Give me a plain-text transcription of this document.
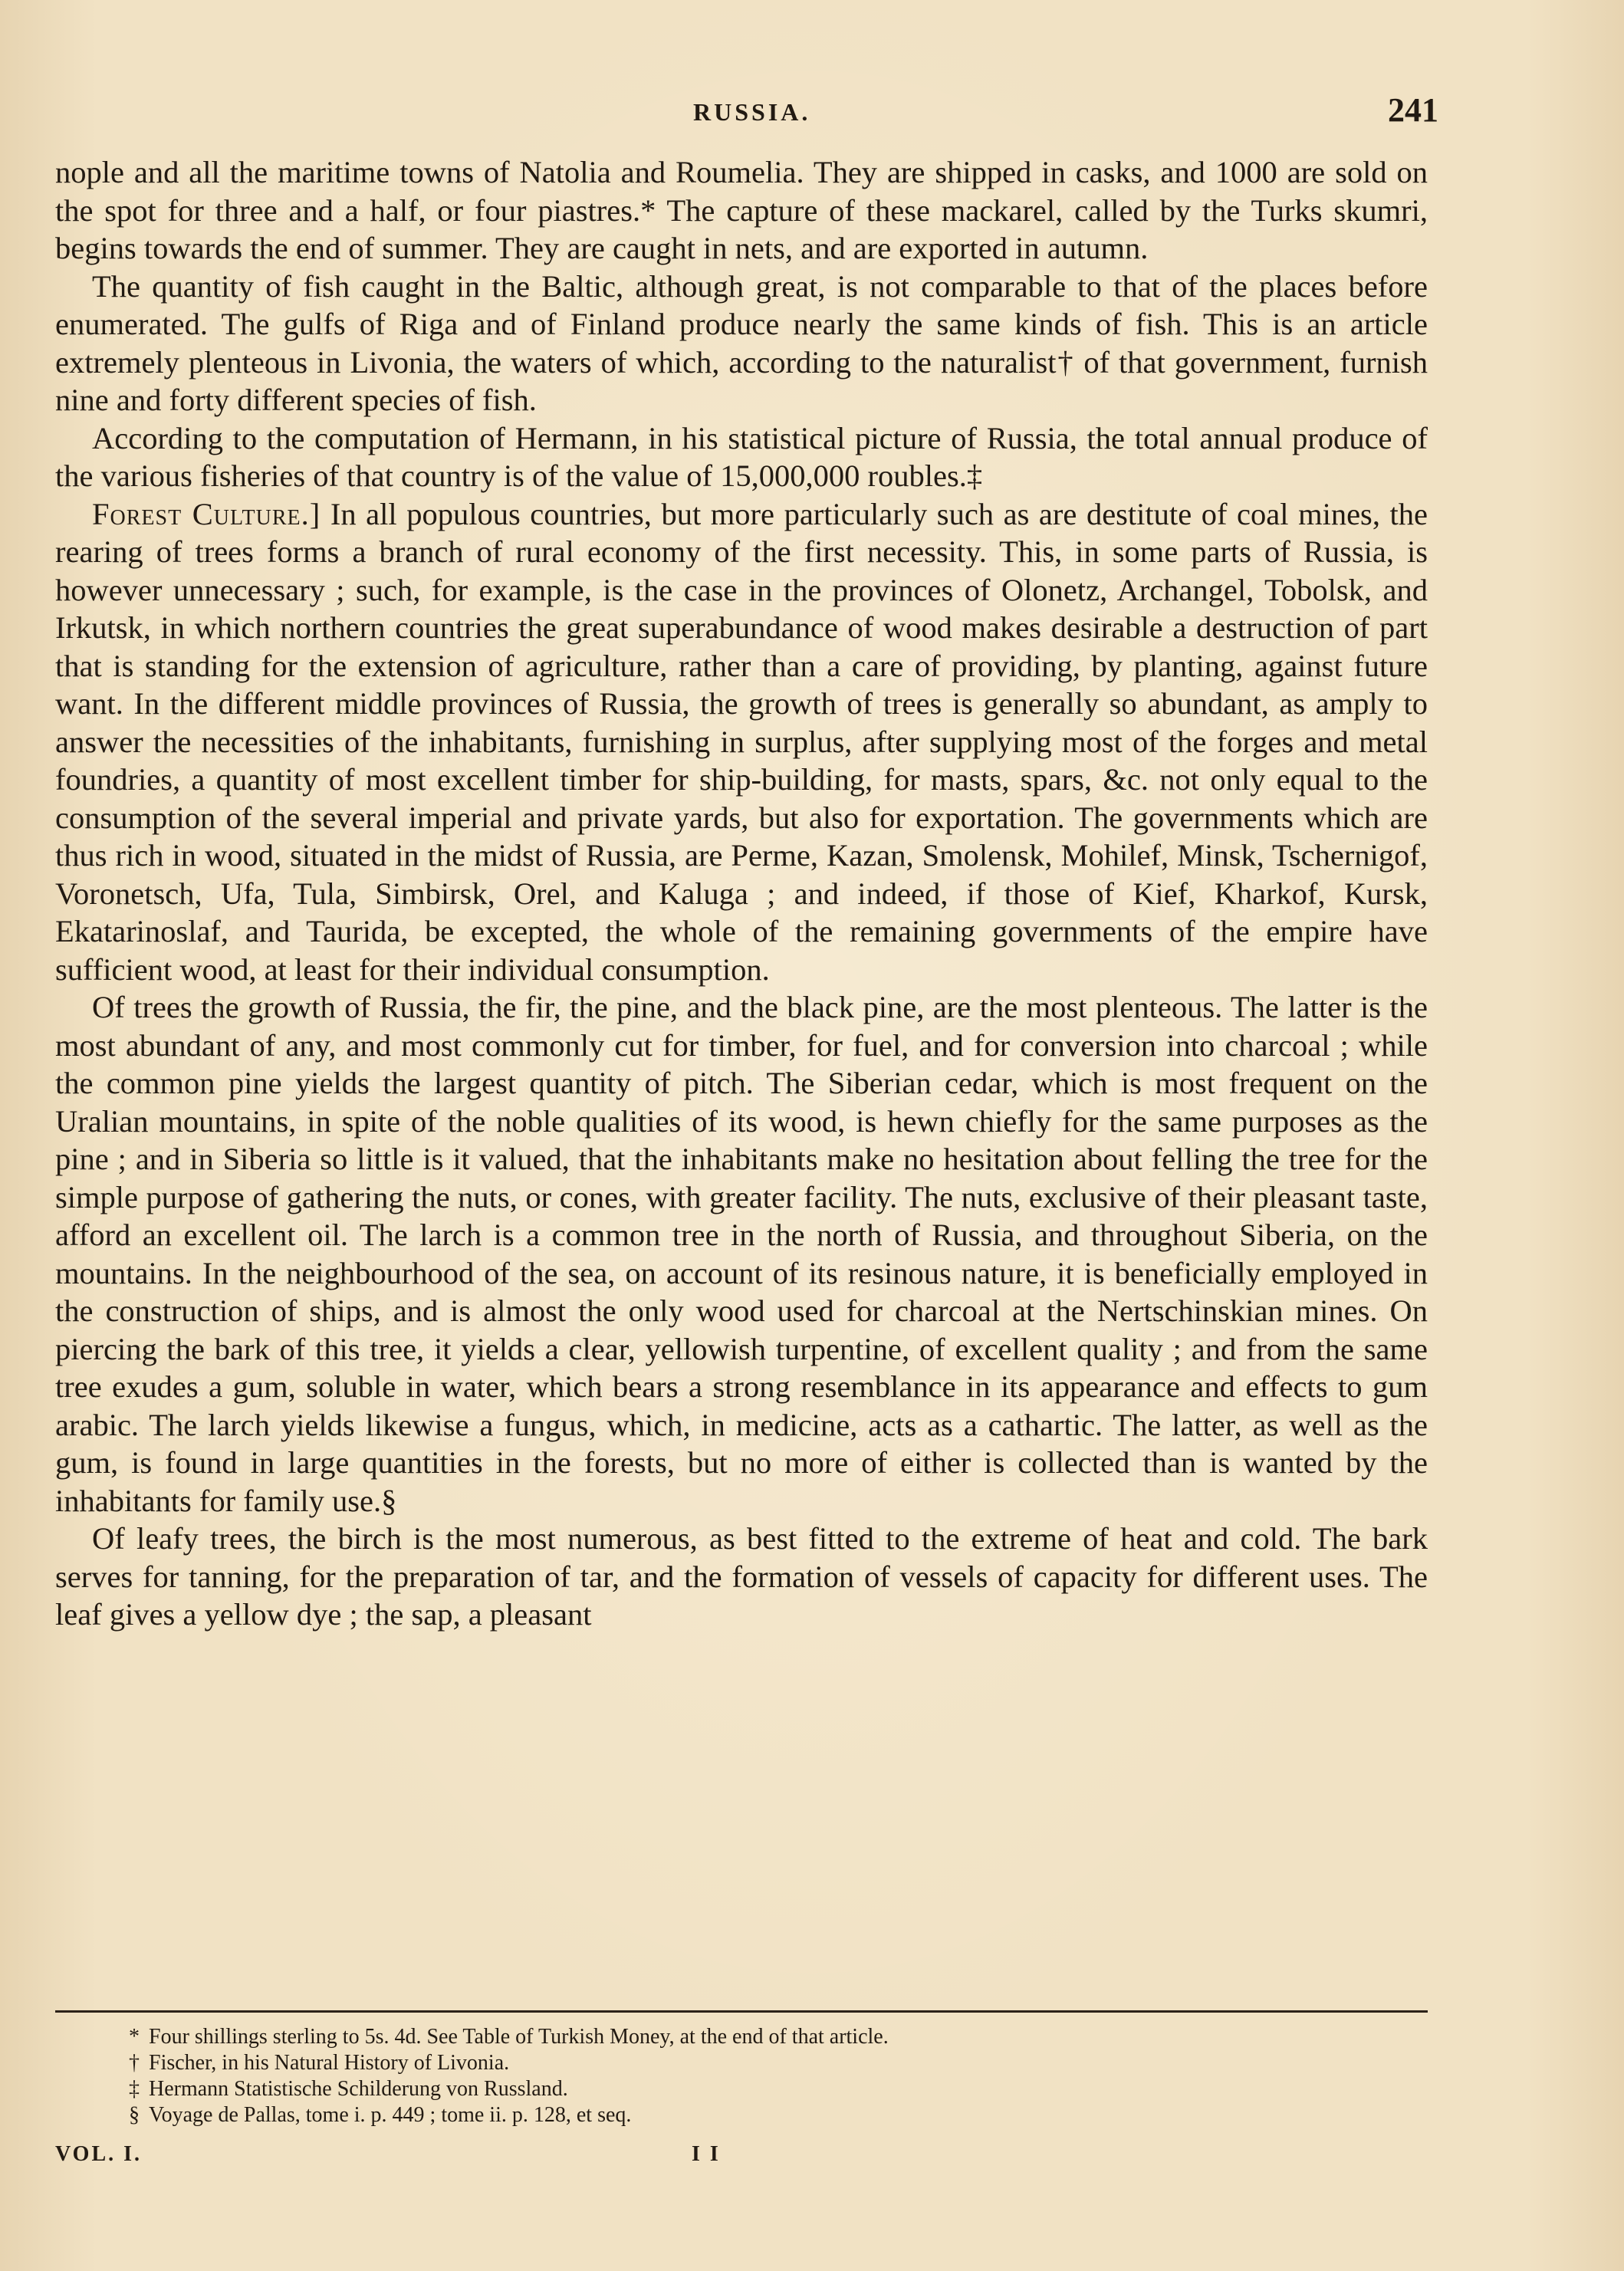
RUSSIA.	241

nople and all the maritime towns of Natolia and Roumelia. They are shipped in casks, and 1000 are sold on the spot for three and a half, or four piastres.* The capture of these mackarel, called by the Turks skumri, begins towards the end of summer. They are caught in nets, and are exported in autumn.

The quantity of fish caught in the Baltic, although great, is not comparable to that of the places before enumerated. The gulfs of Riga and of Finland produce nearly the same kinds of fish. This is an article extremely plenteous in Livonia, the waters of which, according to the naturalist† of that government, furnish nine and forty different species of fish.

According to the computation of Hermann, in his statistical picture of Russia, the total annual produce of the various fisheries of that country is of the value of 15,000,000 roubles.‡

Forest Culture.] In all populous countries, but more particularly such as are destitute of coal mines, the rearing of trees forms a branch of rural economy of the first necessity. This, in some parts of Russia, is however unnecessary ; such, for example, is the case in the provinces of Olonetz, Archangel, Tobolsk, and Irkutsk, in which northern countries the great superabundance of wood makes desirable a destruction of part that is standing for the extension of agriculture, rather than a care of providing, by planting, against future want. In the different middle provinces of Russia, the growth of trees is generally so abundant, as amply to answer the necessities of the inhabitants, furnishing in surplus, after supplying most of the forges and metal foundries, a quantity of most excellent timber for ship-building, for masts, spars, &c. not only equal to the consumption of the several imperial and private yards, but also for exportation. The governments which are thus rich in wood, situated in the midst of Russia, are Perme, Kazan, Smolensk, Mohilef, Minsk, Tschernigof, Voronetsch, Ufa, Tula, Simbirsk, Orel, and Kaluga ; and indeed, if those of Kief, Kharkof, Kursk, Ekatarinoslaf, and Taurida, be excepted, the whole of the remaining governments of the empire have sufficient wood, at least for their individual consumption.

Of trees the growth of Russia, the fir, the pine, and the black pine, are the most plenteous. The latter is the most abundant of any, and most commonly cut for timber, for fuel, and for conversion into charcoal ; while the common pine yields the largest quantity of pitch. The Siberian cedar, which is most frequent on the Uralian mountains, in spite of the noble qualities of its wood, is hewn chiefly for the same purposes as the pine ; and in Siberia so little is it valued, that the inhabitants make no hesitation about felling the tree for the simple purpose of gathering the nuts, or cones, with greater facility. The nuts, exclusive of their pleasant taste, afford an excellent oil. The larch is a common tree in the north of Russia, and throughout Siberia, on the mountains. In the neighbourhood of the sea, on account of its resinous nature, it is beneficially employed in the construction of ships, and is almost the only wood used for charcoal at the Nertschinskian mines. On piercing the bark of this tree, it yields a clear, yellowish turpentine, of excellent quality ; and from the same tree exudes a gum, soluble in water, which bears a strong resemblance in its appearance and effects to gum arabic. The larch yields likewise a fungus, which, in medicine, acts as a cathartic. The latter, as well as the gum, is found in large quantities in the forests, but no more of either is collected than is wanted by the inhabitants for family use.§

Of leafy trees, the birch is the most numerous, as best fitted to the extreme of heat and cold. The bark serves for tanning, for the preparation of tar, and the formation of vessels of capacity for different uses. The leaf gives a yellow dye ; the sap, a pleasant

* Four shillings sterling to 5s. 4d. See Table of Turkish Money, at the end of that article.
† Fischer, in his Natural History of Livonia.
‡ Hermann Statistische Schilderung von Russland.
§ Voyage de Pallas, tome i. p. 449 ; tome ii. p. 128, et seq.
VOL. I.	I I
